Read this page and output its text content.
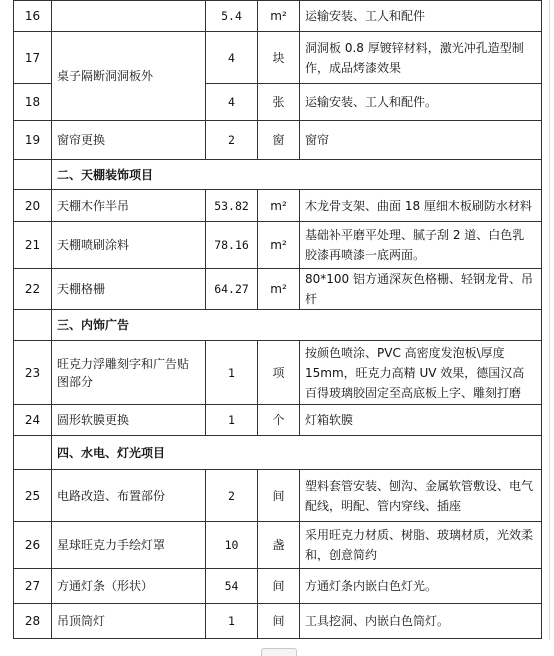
16		5.4	m²	运输安装、工人和配件
17	桌子隔断洞洞板外	4	块	洞洞板 0.8 厚镀锌材料，激光冲孔造型制作，成品烤漆效果
18		4	张	运输安装、工人和配件。
19	窗帘更换	2	窗	窗帘
	二、天棚装饰项目			
20	天棚木作半吊	53.82	m²	木龙骨支架、曲面 18 厘细木板刷防水材料
21	天棚喷刷涂料	78.16	m²	基础补平磨平处理、腻子刮 2 道、白色乳胶漆再喷漆一底两面。
22	天棚格栅	64.27	m²	80*100 铝方通深灰色格栅、轻钢龙骨、吊杆
	三、内饰广告			
23	旺克力浮雕刻字和广告贴图部分	1	项	按颜色喷涂、PVC 高密度发泡板\厚度 15mm，旺克力高精 UV 效果，德国汉高百得玻璃胶固定至高底板上字、雕刻打磨
24	圆形软膜更换	1	个	灯箱软膜
	四、水电、灯光项目			
25	电路改造、布置部份	2	间	塑料套管安装、刨沟、金属软管敷设、电气配线，明配、管内穿线、插座
26	星球旺克力手绘灯罩	10	盏	采用旺克力材质、树脂、玻璃材质，光效柔和，创意简约
27	方通灯条（形状）	54	间	方通灯条内嵌白色灯光。
28	吊顶筒灯	1	间	工具挖洞、内嵌白色筒灯。
